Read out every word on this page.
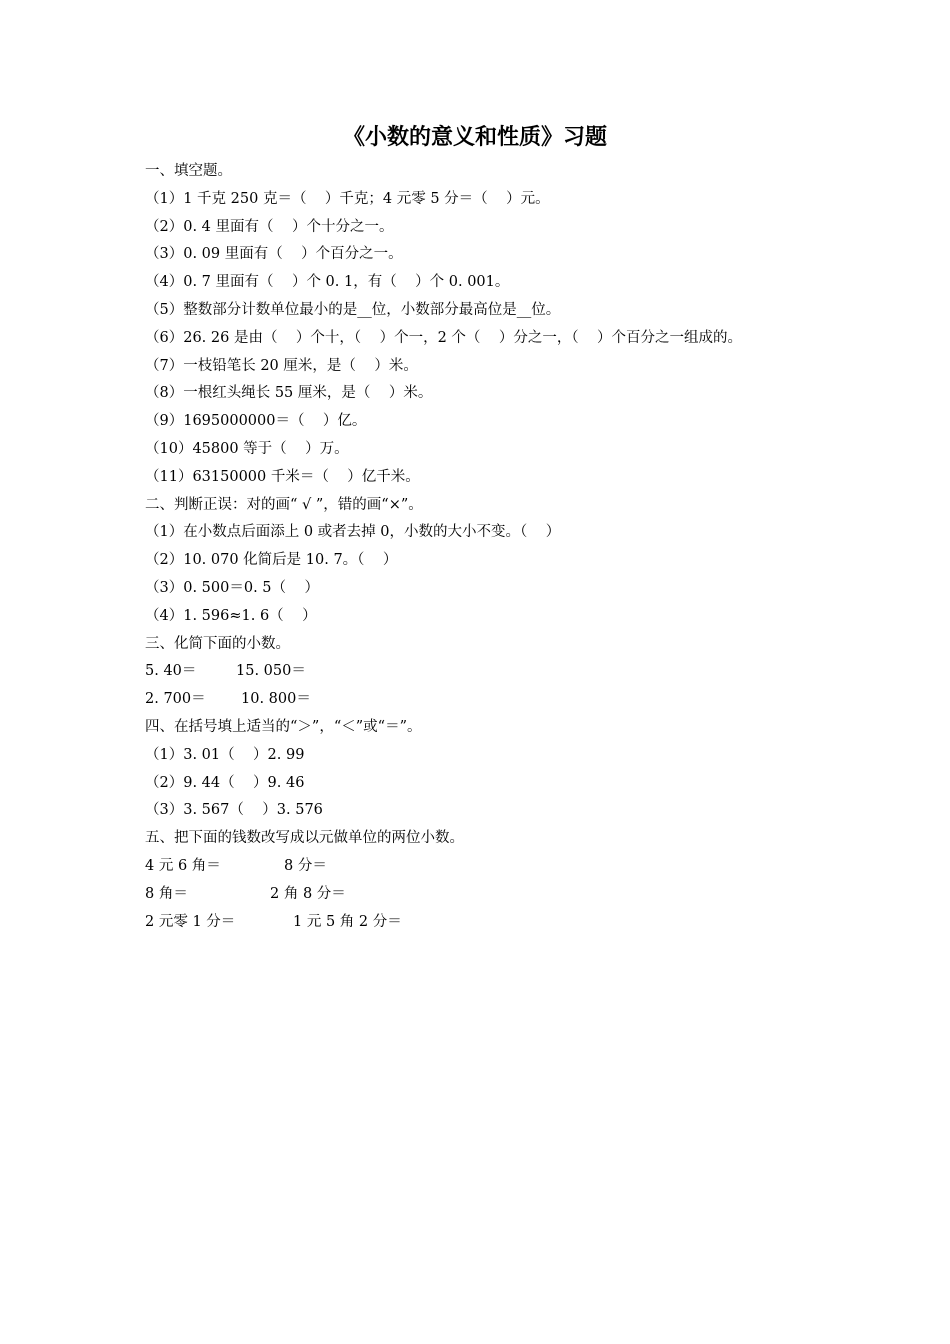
《小数的意义和性质》习题
一、填空题。
（1）1 千克 250 克＝（    ）千克；4 元零 5 分＝（    ）元。
（2）0. 4 里面有（    ）个十分之一。
（3）0. 09 里面有（    ）个百分之一。
（4）0. 7 里面有（    ）个 0. 1，有（    ）个 0. 001。
（5）整数部分计数单位最小的是__位，小数部分最高位是__位。
（6）26. 26 是由（    ）个十，（    ）个一，2 个（    ）分之一，（    ）个百分之一组成的。
（7）一枝铅笔长 20 厘米，是（    ）米。
（8）一根红头绳长 55 厘米，是（    ）米。
（9）1695000000＝（    ）亿。
（10）45800 等于（    ）万。
（11）63150000 千米＝（    ）亿千米。
二、判断正误：对的画“ √ ”，错的画“×”。
（1）在小数点后面添上 0 或者去掉 0，小数的大小不变。（    ）
（2）10. 070 化简后是 10. 7。（    ）
（3）0. 500＝0. 5（    ）
（4）1. 596≈1. 6（    ）
三、化简下面的小数。
5. 40＝	15. 050＝
2. 700＝	10. 800＝
四、在括号填上适当的“＞”，“＜”或“＝”。
（1）3. 01（    ）2. 99
（2）9. 44（    ）9. 46
（3）3. 567（    ）3. 576
五、把下面的钱数改写成以元做单位的两位小数。
4 元 6 角＝	8 分＝
8 角＝	2 角 8 分＝
2 元零 1 分＝	1 元 5 角 2 分＝
